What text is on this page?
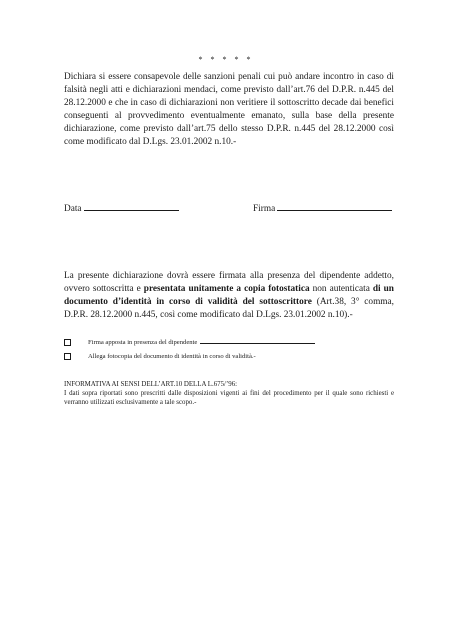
* * * * *

Dichiara si essere consapevole delle sanzioni penali cui può andare incontro in caso di falsità negli atti e dichiarazioni mendaci, come previsto dall’art.76 del D.P.R. n.445 del 28.12.2000 e che in caso di dichiarazioni non veritiere il sottoscritto decade dai benefici conseguenti al provvedimento eventualmente emanato, sulla base della presente dichiarazione, come previsto dall’art.75 dello stesso D.P.R. n.445 del 28.12.2000 così come modificato dal D.Lgs. 23.01.2002 n.10.-

Data	Firma

La presente dichiarazione dovrà essere firmata alla presenza del dipendente addetto, ovvero sottoscritta e presentata unitamente a copia fotostatica non autenticata di un documento d’identità in corso di validità del sottoscrittore (Art.38, 3° comma, D.P.R. 28.12.2000 n.445, così come modificato dal D.Lgs. 23.01.2002 n.10).-

Firma apposta in presenza del dipendente
Allega fotocopia del documento di identità in corso di validità.-
INFORMATIVA AI SENSI DELL’ART.10 DELLA L.675/’96:
I dati sopra riportati sono prescritti dalle disposizioni vigenti ai fini del procedimento per il quale sono richiesti e verranno utilizzati esclusivamente a tale scopo.-
